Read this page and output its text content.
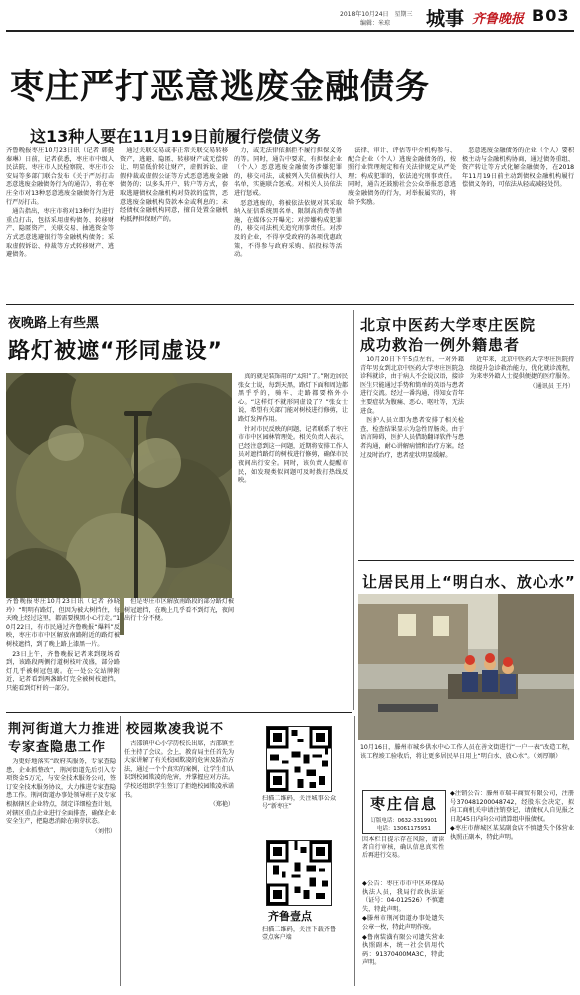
2018年10月24日 星期三
编辑：米琼 城事 齐鲁晚报 B03
枣庄严打恶意逃废金融债务
这13种人要在11月19日前履行偿债义务

齐鲁晚报枣庄10月23日讯（记者 韩挺 秦琳）日前，记者获悉，枣庄市中级人民法院、枣庄市人民检察院、枣庄市公安局等多部门联合发布《关于严厉打击恶意逃废金融债务行为的通告》，将在枣庄全市对13种恶意逃废金融债务行为进行严厉打击。

通告指出，枣庄市将对13种行为进行重点打击，包括采用虚构债务、转移财产、隐匿资产、关联交易、抽逃资金等方式恶意逃避银行等金融机构债务；采取虚假诉讼、仲裁等方式转移财产、逃避债务。

通过关联交易或非正常关联交易转移资产，逃避、隐匿、转移财产或无偿转让、明显低价转让财产，虚假诉讼、虚假仲裁或虚假公证等方式恶意逃废金融债务的；以多头开户、转户等方式，套取逃避债权金融机构对贷款的监管，恶意逃废金融机构贷款本金或利息的；未经债权金融机构同意，擅自处置金融机构抵押担保财产的。

力，或无法律依据拒不履行担保义务的等。同时，通告中要求，有担保企业（个人）恶意逃废金融债务涉嫌犯罪的，移交司法，或被列入失信被执行人名单，实施联合惩戒。对相关人员依法进行惩戒。

恶意逃废的，将被依法依规对其采取纳入征信系统黑名单、限制高消费等措施，在媒体公开曝光；对涉嫌构成犯罪的，移交司法机关追究刑事责任。对涉及的企业，不得享受政府的各项优惠政策，不得参与政府采购、招投标等活动。

法律、审计、评估等中介机构参与、配合企业（个人）逃废金融债务的，按照行业管理规定和有关法律规定从严处理；构成犯罪的，依法追究刑事责任。同时，通告还鼓励社会公众举报恶意逃废金融债务的行为，对举报属实的，将给予奖励。

恶意逃废金融债务的企业（个人）要积极主动与金融机构协商，通过债务重组、资产转让等方式化解金融债务，在2018年11月19日前主动到债权金融机构履行偿债义务的，可依法从轻或减轻处罚。

夜晚路上有些黑
路灯被遮“形同虚设”

齐鲁晚报枣庄10月23日讯（记者 孙晓玲）“明明有路灯，但因为被大树挡住，每天晚上经过这里，都需要摸黑小心行走。”10月22日，有市民通过齐鲁晚报“爆料”反映，枣庄市市中区解放南路附近的路灯被树枝遮挡，到了晚上路上漆黑一片。

23日上午，齐鲁晚报记者来到现场看到，该路段两侧行道树枝叶茂盛，部分路灯几乎被树冠包裹。在一处公交站牌附近，记者看到两盏路灯完全被树枝遮挡，只能看到灯杆的一部分。

但是枣庄市区解放南路段的部分路灯被树冠遮挡，在晚上几乎看不到灯光，夜间出行十分不便。

真的就是装饰用的“太阳”了。”附近居民张女士说，每到天黑，路灯下面和周边都黑乎乎的，骑车、走路都要格外小心。“这样灯不就形同虚设了？”张女士说，希望有关部门能对树枝进行修剪，让路灯发挥作用。

针对市民反映的问题，记者联系了枣庄市市中区园林管理处。相关负责人表示，已经注意到这一问题，近期将安排工作人员对遮挡路灯的树枝进行修剪，确保市民夜间出行安全。同时，该负责人提醒市民，如发现类似问题可及时拨打热线反映。

北京中医药大学枣庄医院
成功救治一例外籍患者

10月20日下午5点左右，一对外籍青年男女到北京中医药大学枣庄医院急诊科就诊，由于病人不会说汉语，接诊医生只能通过手势和简单的英语与患者进行交流。经过一番沟通，得知女青年主要症状为腹痛、恶心、呕吐等，无法进食。

医护人员立即为患者安排了相关检查，检查结果显示为急性胃肠炎。由于语言障碍，医护人员借助翻译软件与患者沟通，耐心讲解病情和治疗方案。经过及时治疗，患者症状明显缓解。

近年来，北京中医药大学枣庄医院持续提升急诊救治能力，优化就诊流程，为来枣外籍人士提供便捷的医疗服务。

（通讯员 王丹）

让居民用上“明白水、放心水”
10月16日，滕州市城乡供水中心工作人员在善文街进行“一户一表”改造工程，该工程竣工验收后，将让更多居民早日用上“明白水、放心水”。（刘厚顺）
荆河街道大力推进
专家查隐患工作

为更好地落实“政府买服务，专家查隐患，企业抓整改”，荆河街道先后引入专项资金5万元，与安全技术服务公司，签订安全技术服务协议，大力推进专家查隐患工作。荆河街道办事处领导班子及专家根据辖区企业特点，制定详细检查计划，对辖区重点企业进行全面排查，确保企业安全生产，把隐患消除在萌芽状态。

（刘伟）

校园欺凌我说不

古邵镇中心小学历校长出席，古邵镇主任主持了会议。会上，教育局主任首先为大家讲解了有关校园欺凌的危害及防治方法，通过一个个真实的案例，让学生们认识到校园欺凌的危害，并掌握应对方法。学校还组织学生签订了拒绝校园欺凌承诺书。

（郑艳）

扫描二维码，关注城事公众号“新枣庄”
齐鲁壹点
扫描二维码，关注下载齐鲁壹点客户端
枣庄信息
订版电话：0632-3319901
电话：13061175951
因本栏目提示存在风险，请读者自行审核，确认信息真实性后再进行交易。

◆公告：枣庄市市中区环保局执法人员，我局行政执法证（证号：04-012526）不慎遗失，特此声明。

◆滕州市荆河街道办事处遗失公章一枚，特此声明作废。

◆鲁南装潢有限公司遗失营业执照副本，统一社会信用代码：91370400MA3C，特此声明。

◆注销公告：滕州市瑞丰商贸有限公司，注册号370481200048742，经股东会决定，拟向工商机关申请注销登记，请债权人自见报之日起45日内向公司清算组申报债权。

◆枣庄市薛城区某某副食店不慎遗失个体营业执照正副本，特此声明。
